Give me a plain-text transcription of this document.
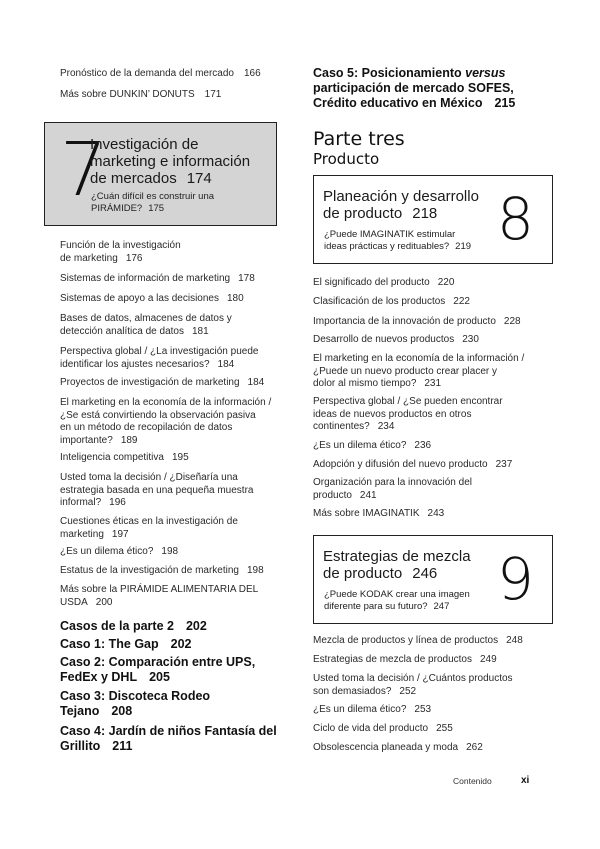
Pronóstico de la demanda del mercado 166
Más sobre DUNKIN’ DONUTS 171
7
Investigación de
marketing e información
de mercados 174
¿Cuán difícil es construir una
PIRÁMIDE? 175
Función de la investigación
de marketing 176
Sistemas de información de marketing 178
Sistemas de apoyo a las decisiones 180
Bases de datos, almacenes de datos y
detección analítica de datos 181
Perspectiva global / ¿La investigación puede
identificar los ajustes necesarios? 184
Proyectos de investigación de marketing 184
El marketing en la economía de la información /
¿Se está convirtiendo la observación pasiva
en un método de recopilación de datos
importante? 189
Inteligencia competitiva 195
Usted toma la decisión / ¿Diseñaría una
estrategia basada en una pequeña muestra
informal? 196
Cuestiones éticas en la investigación de
marketing 197
¿Es un dilema ético? 198
Estatus de la investigación de marketing 198
Más sobre la PIRÁMIDE ALIMENTARIA DEL
USDA 200
Casos de la parte 2 202
Caso 1: The Gap 202
Caso 2: Comparación entre UPS,
FedEx y DHL 205
Caso 3: Discoteca Rodeo
Tejano 208
Caso 4: Jardín de niños Fantasía del
Grillito 211
Caso 5: Posicionamiento versus
participación de mercado SOFES,
Crédito educativo en México 215
Parte tres
Producto
Planeación y desarrollo
de producto 218
¿Puede IMAGINATIK estimular
ideas prácticas y redituables? 219 8
El significado del producto 220
Clasificación de los productos 222
Importancia de la innovación de producto 228
Desarrollo de nuevos productos 230
El marketing en la economía de la información /
¿Puede un nuevo producto crear placer y
dolor al mismo tiempo? 231
Perspectiva global / ¿Se pueden encontrar
ideas de nuevos productos en otros
continentes? 234
¿Es un dilema ético? 236
Adopción y difusión del nuevo producto 237
Organización para la innovación del
producto 241
Más sobre IMAGINATIK 243
Estrategias de mezcla
de producto 246
¿Puede KODAK crear una imagen
diferente para su futuro? 247 9
Mezcla de productos y línea de productos 248
Estrategias de mezcla de productos 249
Usted toma la decisión / ¿Cuántos productos
son demasiados? 252
¿Es un dilema ético? 253
Ciclo de vida del producto 255
Obsolescencia planeada y moda 262
Contenido	xi
